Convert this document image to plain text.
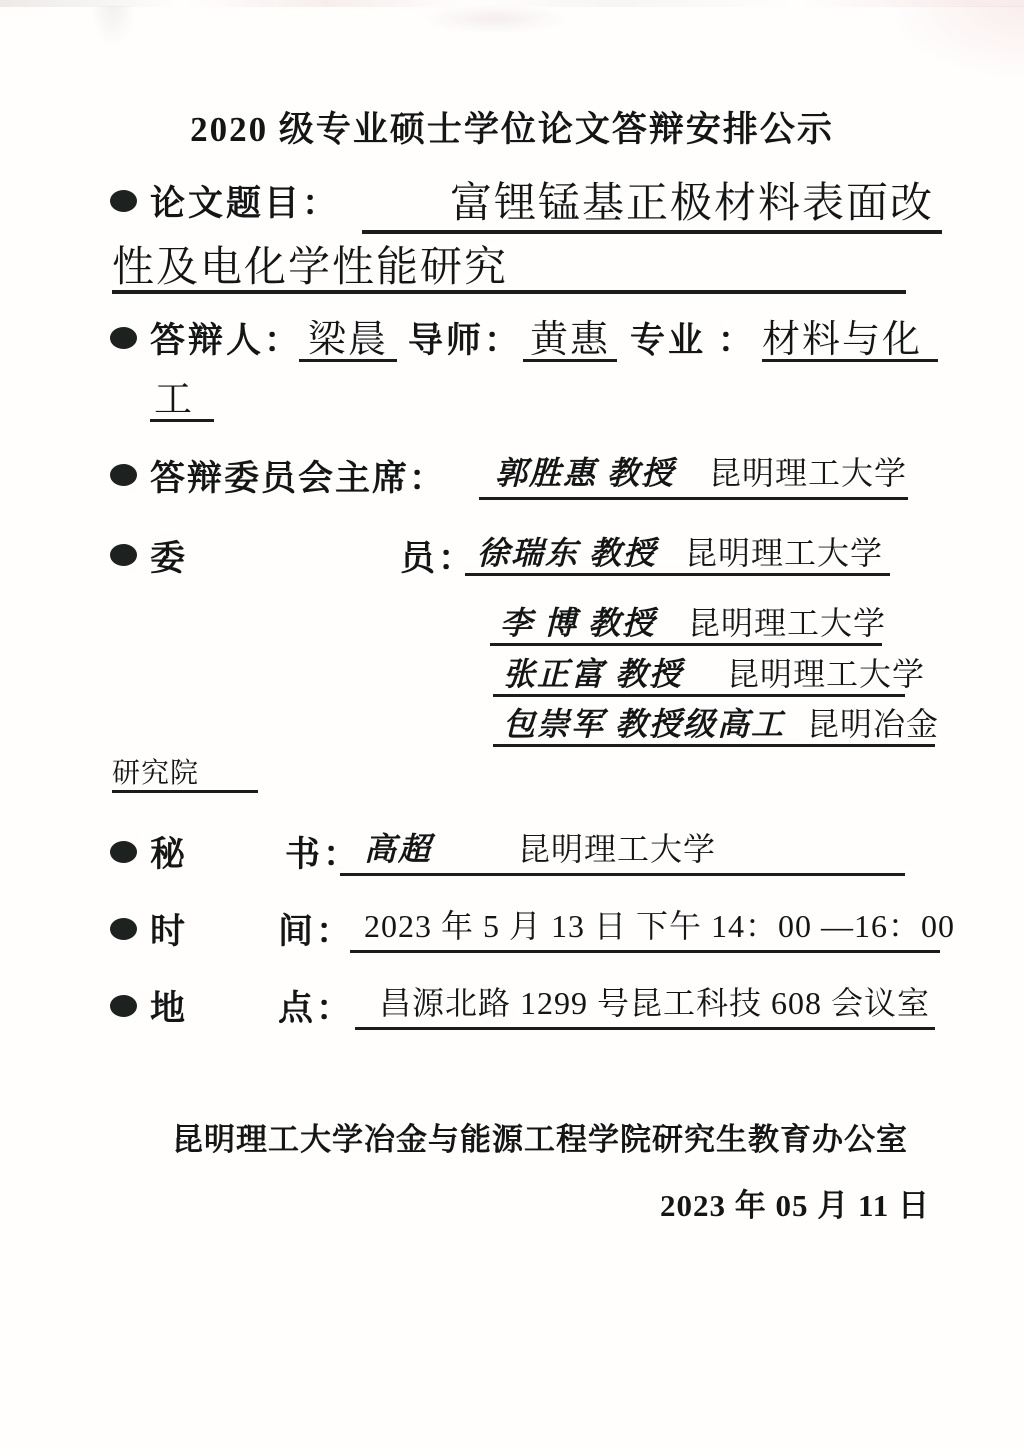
2020 级专业硕士学位论文答辩安排公示
论文题目：	富锂锰基正极材料表面改
性及电化学性能研究
答辩人： 梁晨 导师： 黄惠 专业 ： 材料与化
工
答辩委员会主席：	郭胜惠 教授 昆明理工大学
委	员： 徐瑞东 教授 昆明理工大学
李 博 教授 昆明理工大学
张正富 教授 昆明理工大学
包崇军 教授级高工 昆明冶金
研究院
秘	书： 高超	昆明理工大学
时	间： 2023 年 5 月 13 日 下午 14：00 —16：00
地	点： 昌源北路 1299 号昆工科技 608 会议室
昆明理工大学冶金与能源工程学院研究生教育办公室
2023 年 05 月 11 日
